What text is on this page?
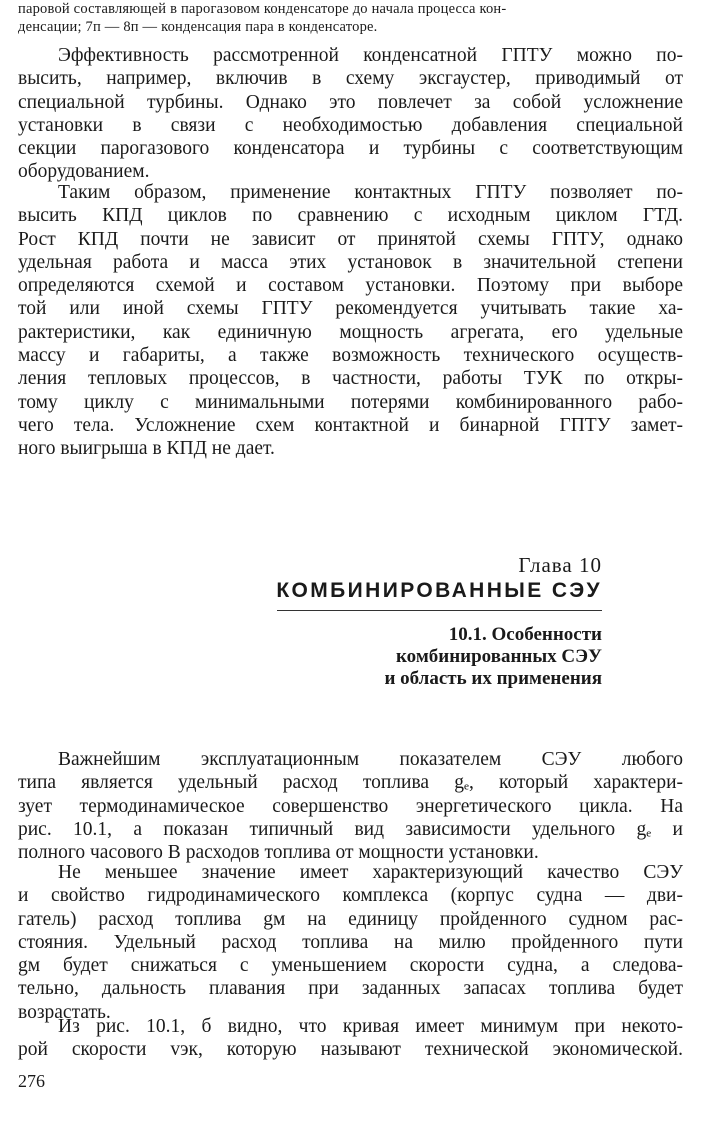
паровой составляющей в парогазовом конденсаторе до начала процесса кон-
денсации; 7п — 8п — конденсация пара в конденсаторе.
Эффективность рассмотренной конденсатной ГПТУ можно по-
высить, например, включив в схему эксгаустер, приводимый от
специальной турбины. Однако это повлечет за собой усложнение
установки в связи с необходимостью добавления специальной
секции парогазового конденсатора и турбины с соответствующим
оборудованием.
Таким образом, применение контактных ГПТУ позволяет по-
высить КПД циклов по сравнению с исходным циклом ГТД.
Рост КПД почти не зависит от принятой схемы ГПТУ, однако
удельная работа и масса этих установок в значительной степени
определяются схемой и составом установки. Поэтому при выборе
той или иной схемы ГПТУ рекомендуется учитывать такие ха-
рактеристики, как единичную мощность агрегата, его удельные
массу и габариты, а также возможность технического осуществ-
ления тепловых процессов, в частности, работы ТУК по откры-
тому циклу с минимальными потерями комбинированного рабо-
чего тела. Усложнение схем контактной и бинарной ГПТУ замет-
ного выигрыша в КПД не дает.
Глава 10
КОМБИНИРОВАННЫЕ СЭУ
10.1. Особенности
комбинированных СЭУ
и область их применения
Важнейшим эксплуатационным показателем СЭУ любого
типа является удельный расход топлива gₑ, который характери-
зует термодинамическое совершенство энергетического цикла. На
рис. 10.1, а показан типичный вид зависимости удельного gₑ и
полного часового В расходов топлива от мощности установки.
Не меньшее значение имеет характеризующий качество СЭУ
и свойство гидродинамического комплекса (корпус судна — дви-
гатель) расход топлива gм на единицу пройденного судном рас-
стояния. Удельный расход топлива на милю пройденного пути
gм будет снижаться с уменьшением скорости судна, а следова-
тельно, дальность плавания при заданных запасах топлива будет
возрастать.
Из рис. 10.1, б видно, что кривая имеет минимум при некото-
рой скорости vэк, которую называют технической экономической.
276
